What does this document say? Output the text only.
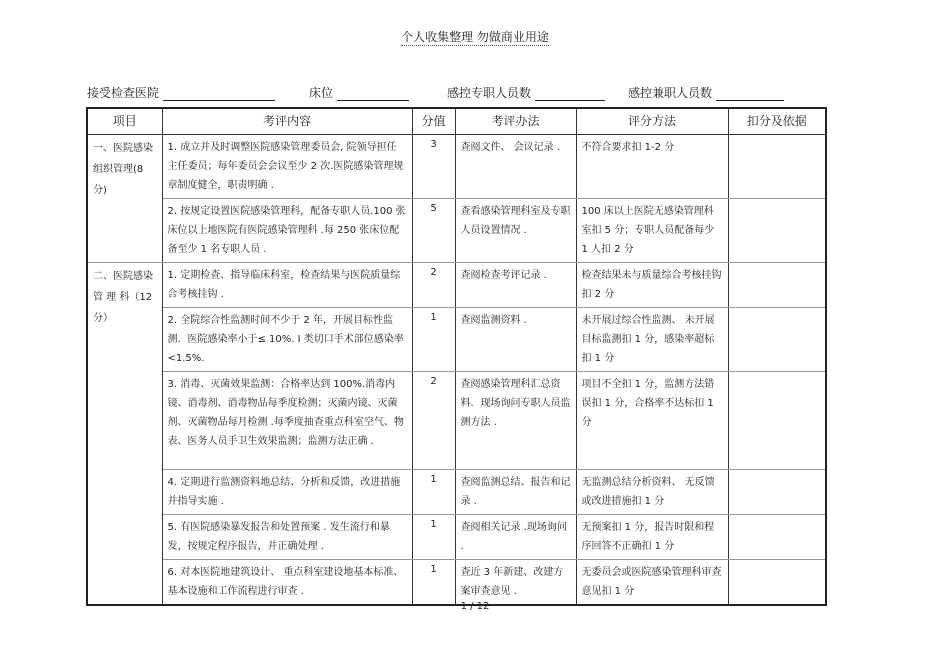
个人收集整理 勿做商业用途
接受检查医院	床位	感控专职人员数	感控兼职人员数
项目	考评内容	分值	考评办法	评分方法	扣分及依据
一、医院感染组织管理(8 分)	1. 成立并及时调整医院感染管理委员会, 院领导担任主任委员；每年委员会会议至少 2 次.医院感染管理规章制度健全，职责明确 .	3	查阅文件、 会议记录 .	不符合要求扣 1-2 分	
	2. 按规定设置医院感染管理科，配备专职人员.100 张床位以上地医院有医院感染管理科 .每 250 张床位配备至少 1 名专职人员 .	5	查看感染管理科室及专职人员设置情况 .	100 床以上医院无感染管理科室扣 5 分；专职人员配备每少 1 人扣 2 分	
二、医院感染 管 理 科（12 分）	1. 定期检查、指导临床科室，检查结果与医院质量综合考核挂钩 .	2	查阅检查考评记录 .	检查结果未与质量综合考核挂钩扣 2 分	
	2. 全院综合性监测时间不少于 2 年，开展目标性监测．医院感染率小于≤ 10%. I 类切口手术部位感染率 <1.5%.	1	查阅监测资料 .	未开展过综合性监测、 未开展目标监测扣 1 分，感染率超标扣 1 分	
	3. 消毒、灭菌效果监测：合格率达到 100%.消毒内镜、消毒剂、消毒物品每季度检测；灭菌内镜、灭菌剂、灭菌物品每月检测 .每季度抽查重点科室空气、物表、医务人员手卫生效果监测；监测方法正确 .	2	查阅感染管理科汇总资料．现场询问专职人员监测方法 .	项目不全扣 1 分，监测方法错误扣 1 分，合格率不达标扣 1 分	
	4. 定期进行监测资料地总结、分析和反馈，改进措施并指导实施 .	1	查阅监测总结、报告和记录 .	无监测总结分析资料、 无反馈或改进措施扣 1 分	
	5. 有医院感染暴发报告和处置预案 . 发生流行和暴发，按规定程序报告，并正确处理 .	1	查阅相关记录 .现场询问 .	无预案扣 1 分，报告时限和程序回答不正确扣 1 分	
	6. 对本医院地建筑设计、 重点科室建设地基本标准、基本设施和工作流程进行审查 .	1	查近 3 年新建、改建方案审查意见 .	无委员会或医院感染管理科审查意见扣 1 分	
1 / 12
